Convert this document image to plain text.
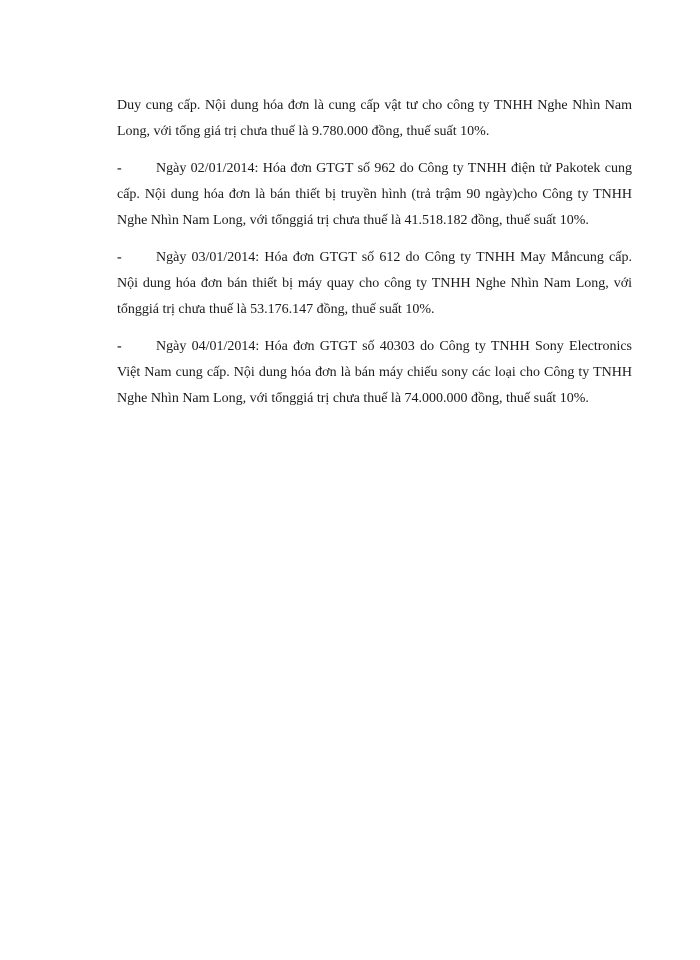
Duy cung cấp. Nội dung hóa đơn là cung cấp vật tư cho công ty TNHH Nghe Nhìn Nam Long, với tổng giá trị chưa thuế là 9.780.000 đồng, thuế suất 10%.

- Ngày 02/01/2014: Hóa đơn GTGT số 962 do Công ty TNHH điện tử Pakotek cung cấp. Nội dung hóa đơn là bán thiết bị truyền hình (trả trậm 90 ngày)cho Công ty TNHH Nghe Nhìn Nam Long, với tổnggiá trị chưa thuế là 41.518.182 đồng, thuế suất 10%.

- Ngày 03/01/2014: Hóa đơn GTGT số 612 do Công ty TNHH May Mắncung cấp. Nội dung hóa đơn bán thiết bị máy quay cho công ty TNHH Nghe Nhìn Nam Long, với tổnggiá trị chưa thuế là 53.176.147 đồng, thuế suất 10%.

- Ngày 04/01/2014: Hóa đơn GTGT số 40303 do Công ty TNHH Sony Electronics Việt Nam cung cấp. Nội dung hóa đơn là bán máy chiếu sony các loại cho Công ty TNHH Nghe Nhìn Nam Long, với tổnggiá trị chưa thuế là 74.000.000 đồng, thuế suất 10%.
